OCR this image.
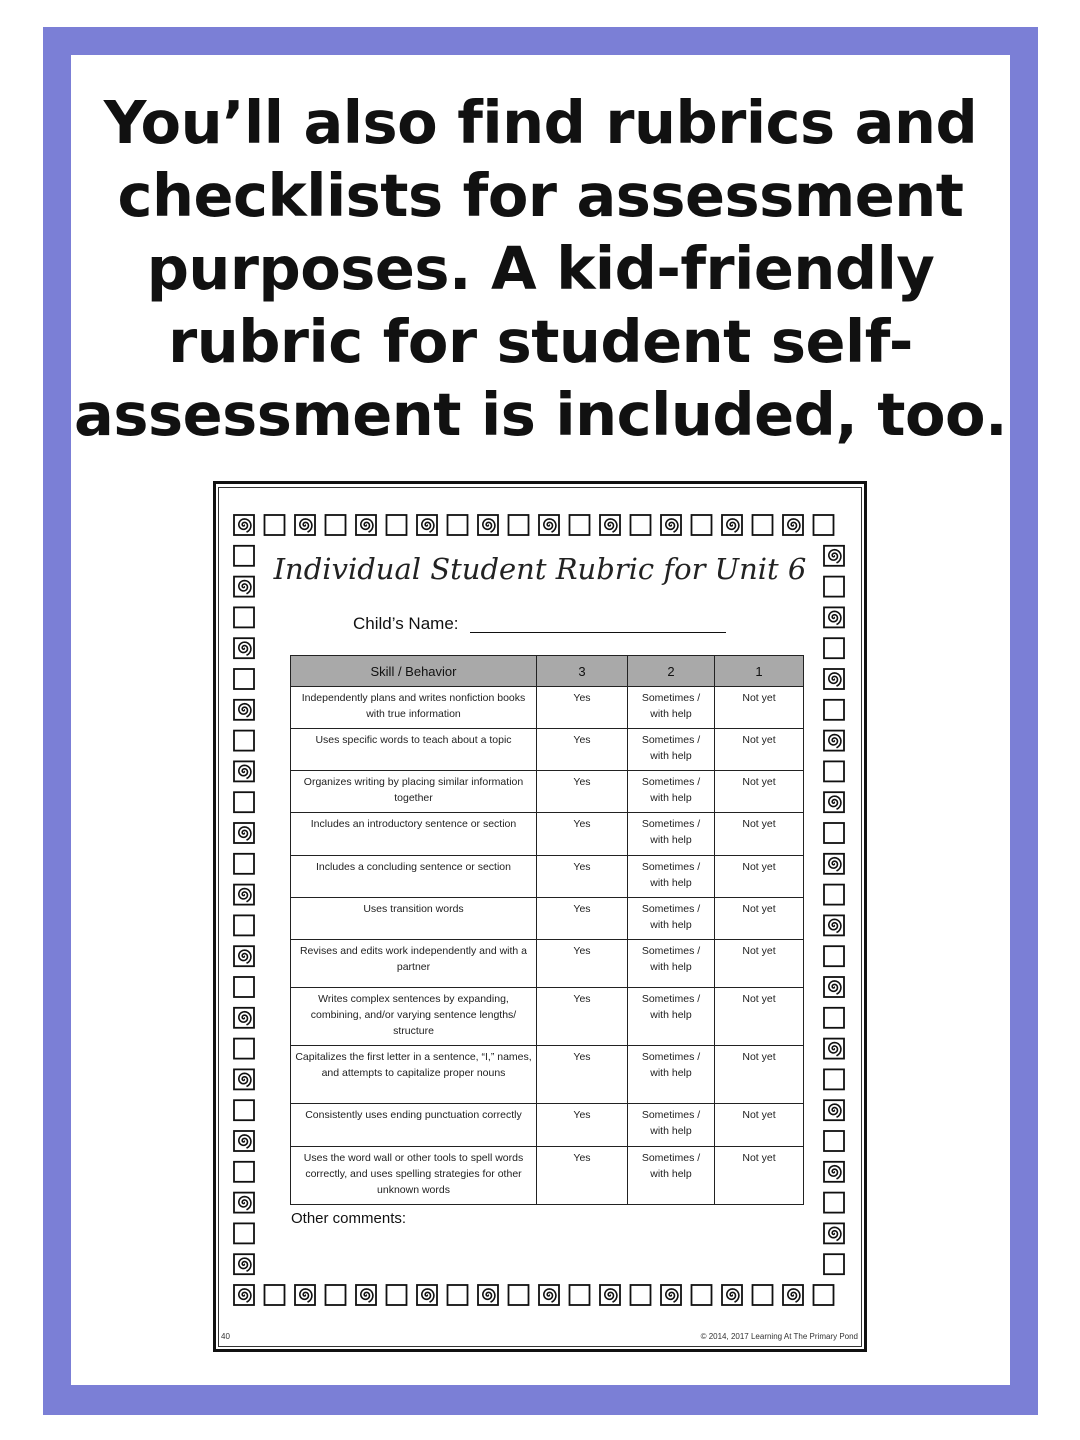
You’ll also find rubrics and
checklists for assessment
purposes. A kid-friendly
rubric for student self-
assessment is included, too.
Individual Student Rubric for Unit 6
Child’s Name:
Skill / Behavior	3	2	1
Independently plans and writes nonfiction books with true information	Yes	Sometimes / with help	Not yet
Uses specific words to teach about a topic	Yes	Sometimes / with help	Not yet
Organizes writing by placing similar information together	Yes	Sometimes / with help	Not yet
Includes an introductory sentence or section	Yes	Sometimes / with help	Not yet
Includes a concluding sentence or section	Yes	Sometimes / with help	Not yet
Uses transition words	Yes	Sometimes / with help	Not yet
Revises and edits work independently and with a partner	Yes	Sometimes / with help	Not yet
Writes complex sentences by expanding, combining, and/or varying sentence lengths/ structure	Yes	Sometimes / with help	Not yet
Capitalizes the first letter in a sentence, “I,” names, and attempts to capitalize proper nouns	Yes	Sometimes / with help	Not yet
Consistently uses ending punctuation correctly	Yes	Sometimes / with help	Not yet
Uses the word wall or other tools to spell words correctly, and uses spelling strategies for other unknown words	Yes	Sometimes / with help	Not yet
Other comments:
40	© 2014, 2017 Learning At The Primary Pond
